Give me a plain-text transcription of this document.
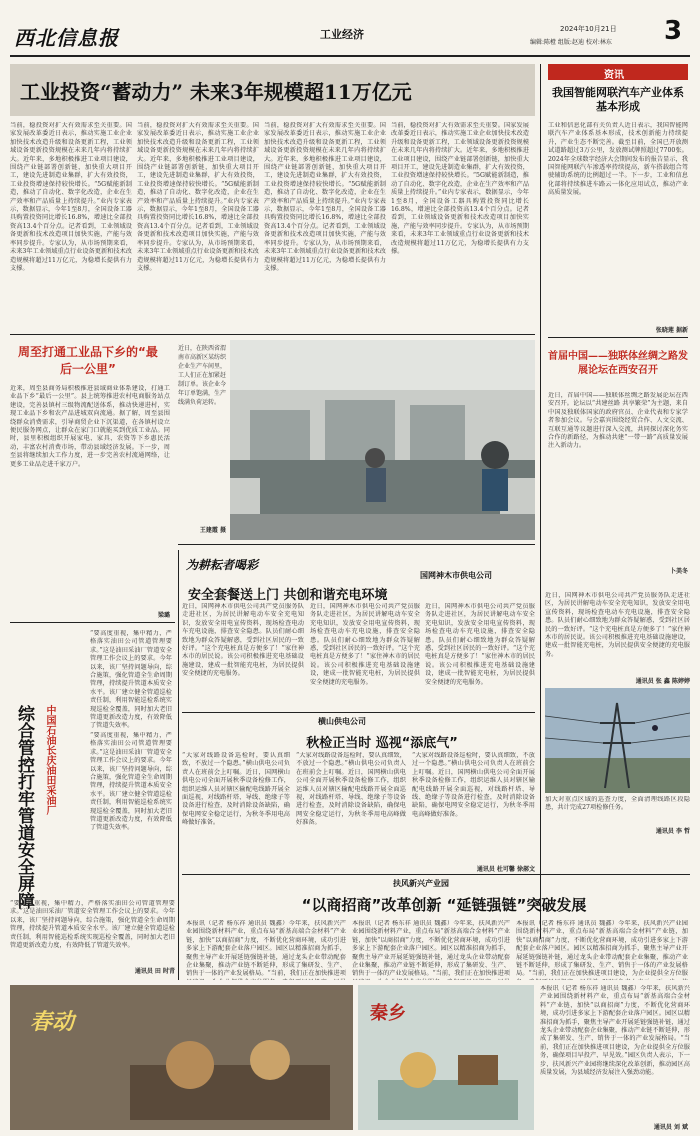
西北信息报	工业经济	2024年10月21日
编辑:陈橙 组版:赵迪 校对:林东 3
工业投资“蓄动力” 未来3年规模超11万亿元
当前，稳投资对扩大有效需求至关重要。国家发展改革委近日表示，推动实施工业企业加快技术改造升级和设备更新工程，工业领域设备更新投资规模在未来几年内将持续扩大。近年来，多地积极推进工业项目建设，围绕产业链部署创新链，加快重大项目开工，建设先进制造业集群，扩大有效投资，工业投资增速保持较快增长。“5G赋能新制造，推动了自动化、数字化改造，企业在生产效率和产品质量上持续提升。”业内专家表示，数据显示，今年1至8月，全国设备工器具购置投资同比增长16.8%，增速比全部投资高13.4个百分点。记者看到，工业领域设备更新和技术改造项目加快实施，产能与效率同步提升。专家认为，从市场预期来看，未来3年工业领域重点行业设备更新和技术改造规模将超过11万亿元，为稳增长提供有力支撑。
当前，稳投资对扩大有效需求至关重要。国家发展改革委近日表示，推动实施工业企业加快技术改造升级和设备更新工程，工业领域设备更新投资规模在未来几年内将持续扩大。近年来，多地积极推进工业项目建设，围绕产业链部署创新链，加快重大项目开工，建设先进制造业集群，扩大有效投资，工业投资增速保持较快增长。“5G赋能新制造，推动了自动化、数字化改造，企业在生产效率和产品质量上持续提升。”业内专家表示，数据显示，今年1至8月，全国设备工器具购置投资同比增长16.8%，增速比全部投资高13.4个百分点。记者看到，工业领域设备更新和技术改造项目加快实施，产能与效率同步提升。专家认为，从市场预期来看，未来3年工业领域重点行业设备更新和技术改造规模将超过11万亿元，为稳增长提供有力支撑。
当前，稳投资对扩大有效需求至关重要。国家发展改革委近日表示，推动实施工业企业加快技术改造升级和设备更新工程，工业领域设备更新投资规模在未来几年内将持续扩大。近年来，多地积极推进工业项目建设，围绕产业链部署创新链，加快重大项目开工，建设先进制造业集群，扩大有效投资，工业投资增速保持较快增长。“5G赋能新制造，推动了自动化、数字化改造，企业在生产效率和产品质量上持续提升。”业内专家表示，数据显示，今年1至8月，全国设备工器具购置投资同比增长16.8%，增速比全部投资高13.4个百分点。记者看到，工业领域设备更新和技术改造项目加快实施，产能与效率同步提升。专家认为，从市场预期来看，未来3年工业领域重点行业设备更新和技术改造规模将超过11万亿元，为稳增长提供有力支撑。
当前，稳投资对扩大有效需求至关重要。国家发展改革委近日表示，推动实施工业企业加快技术改造升级和设备更新工程，工业领域设备更新投资规模在未来几年内将持续扩大。近年来，多地积极推进工业项目建设，围绕产业链部署创新链，加快重大项目开工，建设先进制造业集群，扩大有效投资，工业投资增速保持较快增长。“5G赋能新制造，推动了自动化、数字化改造，企业在生产效率和产品质量上持续提升。”业内专家表示，数据显示，今年1至8月，全国设备工器具购置投资同比增长16.8%，增速比全部投资高13.4个百分点。记者看到，工业领域设备更新和技术改造项目加快实施，产能与效率同步提升。专家认为，从市场预期来看，未来3年工业领域重点行业设备更新和技术改造规模将超过11万亿元，为稳增长提供有力支撑。
资讯
我国智能网联汽车产业体系基本形成
工业和信息化部有关负责人近日表示，我国智能网联汽车产业体系基本形成，技术创新能力持续提升，产业生态不断完善。截至目前，全国已开放测试道路超过3万公里，发放测试牌照超过7700张。2024年全球数字经济大会期间发布的报告显示，我国智能网联汽车渗透率持续提高，新车搭载组合驾驶辅助系统的比例超过一半。下一步，工业和信息化部将持续推进车路云一体化应用试点，推动产业高质量发展。
张晓莲 据新
首届中国——独联体丝绸之路发展论坛在西安召开
近日，首届中国——独联体丝绸之路发展论坛在西安召开。论坛以“共建丝路 共享繁荣”为主题，来自中国及独联体国家的政府官员、企业代表和专家学者参加会议。与会嘉宾围绕经贸合作、人文交流、互联互通等议题进行深入交流，共同探讨深化务实合作的新路径，为推动共建“一带一路”高质量发展注入新动力。
卜美冬
周至打通工业品下乡的“最后一公里”
近来，周至县商务局积极推进县域商业体系建设，打通工业品下乡“最后一公里”。县上统筹推进农村电商服务站点建设，完善县镇村三级物流配送体系，推动快递进村，实现工业品下乡和农产品进城双向流通。据了解，周至县围绕群众消费需求，引导商贸企业下沉渠道，在各镇村设立便民服务网点，让群众在家门口就能买到优质工业品。同时，县里积极组织开展家电、家具、农资等下乡惠民活动，丰富农村消费市场，带动县域经济发展。下一步，周至县将继续加大工作力度，进一步完善农村流通网络，让更多工业品走进千家万户。
梁璐
近日，在陕西省渭南市高新区某纺织企业生产车间里，工人们正在加紧赶制订单。该企业今年订单饱满，生产线满负荷运转。
王建霞 摄
“要高度重视，集中精力，严格落实油田公司管道管理要求。”这是油田采油厂管道安全管理工作会议上的要求。今年以来，该厂坚持问题导向，综合施策，强化管道全生命周期管理，持续提升管道本质安全水平。该厂建立健全管道巡检责任制，利用智能巡检系统实现巡检全覆盖，同时加大老旧管道更新改造力度，有效降低了管道失效率。
综合管控打牢管道安全屏障 中国石油长庆油田采油厂	“要高度重视，集中精力，严格落实油田公司管道管理要求。”这是油田采油厂管道安全管理工作会议上的要求。今年以来，该厂坚持问题导向，综合施策，强化管道全生命周期管理，持续提升管道本质安全水平。该厂建立健全管道巡检责任制，利用智能巡检系统实现巡检全覆盖，同时加大老旧管道更新改造力度，有效降低了管道失效率。
“要高度重视，集中精力，严格落实油田公司管道管理要求。”这是油田采油厂管道安全管理工作会议上的要求。今年以来，该厂坚持问题导向，综合施策，强化管道全生命周期管理，持续提升管道本质安全水平。该厂建立健全管道巡检责任制，利用智能巡检系统实现巡检全覆盖，同时加大老旧管道更新改造力度，有效降低了管道失效率。
通讯员 田 时青
为耕耘者喝彩
国网神木市供电公司
安全套餐送上门 共创和谐充电环境
近日，国网神木市供电公司共产党员服务队走进社区，为居民讲解电动车安全充电知识，发放安全用电宣传资料，现场检查电动车充电设施，排查安全隐患。队员们耐心细致地为群众答疑解惑，受到社区居民的一致好评。“这个充电桩真是方便多了！”家住神木市的居民说。该公司积极推进充电基础设施建设，建成一批智能充电桩，为居民提供安全便捷的充电服务。
近日，国网神木市供电公司共产党员服务队走进社区，为居民讲解电动车安全充电知识，发放安全用电宣传资料，现场检查电动车充电设施，排查安全隐患。队员们耐心细致地为群众答疑解惑，受到社区居民的一致好评。“这个充电桩真是方便多了！”家住神木市的居民说。该公司积极推进充电基础设施建设，建成一批智能充电桩，为居民提供安全便捷的充电服务。
近日，国网神木市供电公司共产党员服务队走进社区，为居民讲解电动车安全充电知识，发放安全用电宣传资料，现场检查电动车充电设施，排查安全隐患。队员们耐心细致地为群众答疑解惑，受到社区居民的一致好评。“这个充电桩真是方便多了！”家住神木市的居民说。该公司积极推进充电基础设施建设，建成一批智能充电桩，为居民提供安全便捷的充电服务。
近日，国网神木市供电公司共产党员服务队走进社区，为居民讲解电动车安全充电知识，发放安全用电宣传资料，现场检查电动车充电设施，排查安全隐患。队员们耐心细致地为群众答疑解惑，受到社区居民的一致好评。“这个充电桩真是方便多了！”家住神木市的居民说。该公司积极推进充电基础设施建设，建成一批智能充电桩，为居民提供安全便捷的充电服务。
通讯员 张 鑫 陈婷婷
横山供电公司
秋检正当时 巡视“添底气”
“大家对线路设备巡检时，要认真细致，不放过一个隐患。”横山供电公司负责人在班前会上叮嘱。近日，国网横山供电公司全面开展秋季设备检修工作，组织运维人员对辖区输配电线路开展全面巡视，对线路杆塔、导线、绝缘子等设备进行检查，及时消除设备缺陷，确保电网安全稳定运行，为秋冬季用电高峰做好准备。
“大家对线路设备巡检时，要认真细致，不放过一个隐患。”横山供电公司负责人在班前会上叮嘱。近日，国网横山供电公司全面开展秋季设备检修工作，组织运维人员对辖区输配电线路开展全面巡视，对线路杆塔、导线、绝缘子等设备进行检查，及时消除设备缺陷，确保电网安全稳定运行，为秋冬季用电高峰做好准备。
“大家对线路设备巡检时，要认真细致，不放过一个隐患。”横山供电公司负责人在班前会上叮嘱。近日，国网横山供电公司全面开展秋季设备检修工作，组织运维人员对辖区输配电线路开展全面巡视，对线路杆塔、导线、绝缘子等设备进行检查，及时消除设备缺陷，确保电网安全稳定运行，为秋冬季用电高峰做好准备。
通讯员 杜可馨 徐郝文
加大对重点区域的巡查力度，全面清理线路区段隐患，共计完成27项检修任务。
通讯员 李 哲
扶风新兴产业园
“以商招商”改革创新 “延链强链”突破发展
本报讯（记者 杨东祥 通讯员 魏鑫）今年来，扶风新兴产业园围绕新材料产业，重点布局“新基高端合金材料”产业链，加快“以商招商”力度，不断优化营商环境，成功引进多家上下游配套企业落户园区。园区以精准招商为抓手，聚焦主导产业开展延链强链补链，通过龙头企业带动配套企业集聚，推动产业链不断延伸，形成了集研发、生产、销售于一体的产业发展格局。“当前，我们正在加快推进项
本报讯（记者 杨东祥 通讯员 魏鑫）今年来，扶风新兴产业园围绕新材料产业，重点布局“新基高端合金材料”产业链，加快“以商招商”力度，不断优化营商环境，成功引进多家上下游配套企业落户园区。园区以精准招商为抓手，聚焦主导产业开展延链强链补链，通过龙头企业带动配套企业集聚，推动产业链不断延伸，形成了集研发、生产、销售于一体的产业发展格局。“当前，我们正在加快推进项
本报讯（记者 杨东祥 通讯员 魏鑫）今年来，扶风新兴产业园围绕新材料产业，重点布局“新基高端合金材料”产业链，加快“以商招商”力度，不断优化营商环境，成功引进多家上下游配套企业落户园区。园区以精准招商为抓手，聚焦主导产业开展延链强链补链，通过龙头企业带动配套企业集聚，推动产业链不断延伸，形成了集研发、生产、销售于一体的产业发展格局。“当前，我们正在加快推进项目建设，为企业提供全方位服
通讯员 刘 斌
春动	秦乡
本报讯（记者 杨东祥 通讯员 魏鑫）今年来，扶风新兴产业园围绕新材料产业，重点布局“新基高端合金材料”产业链，加快“以商招商”力度，不断优化营商环境，成功引进多家上下游配套企业落户园区。园区以精准招商为抓手，聚焦主导产业开展延链强链补链，通过龙头企业带动配套企业集聚，推动产业链不断延伸，形成了集研发、生产、销售于一体的产业发展格局。“当前，我们正在加快推进项目建设，为企业提供全方位服务，确保项目早投产、早见效。”园区负责人表示，下一步，扶风新兴产业园将继续深化改革创新，推动园区高质量发展，为县域经济发展注入强劲动能。
